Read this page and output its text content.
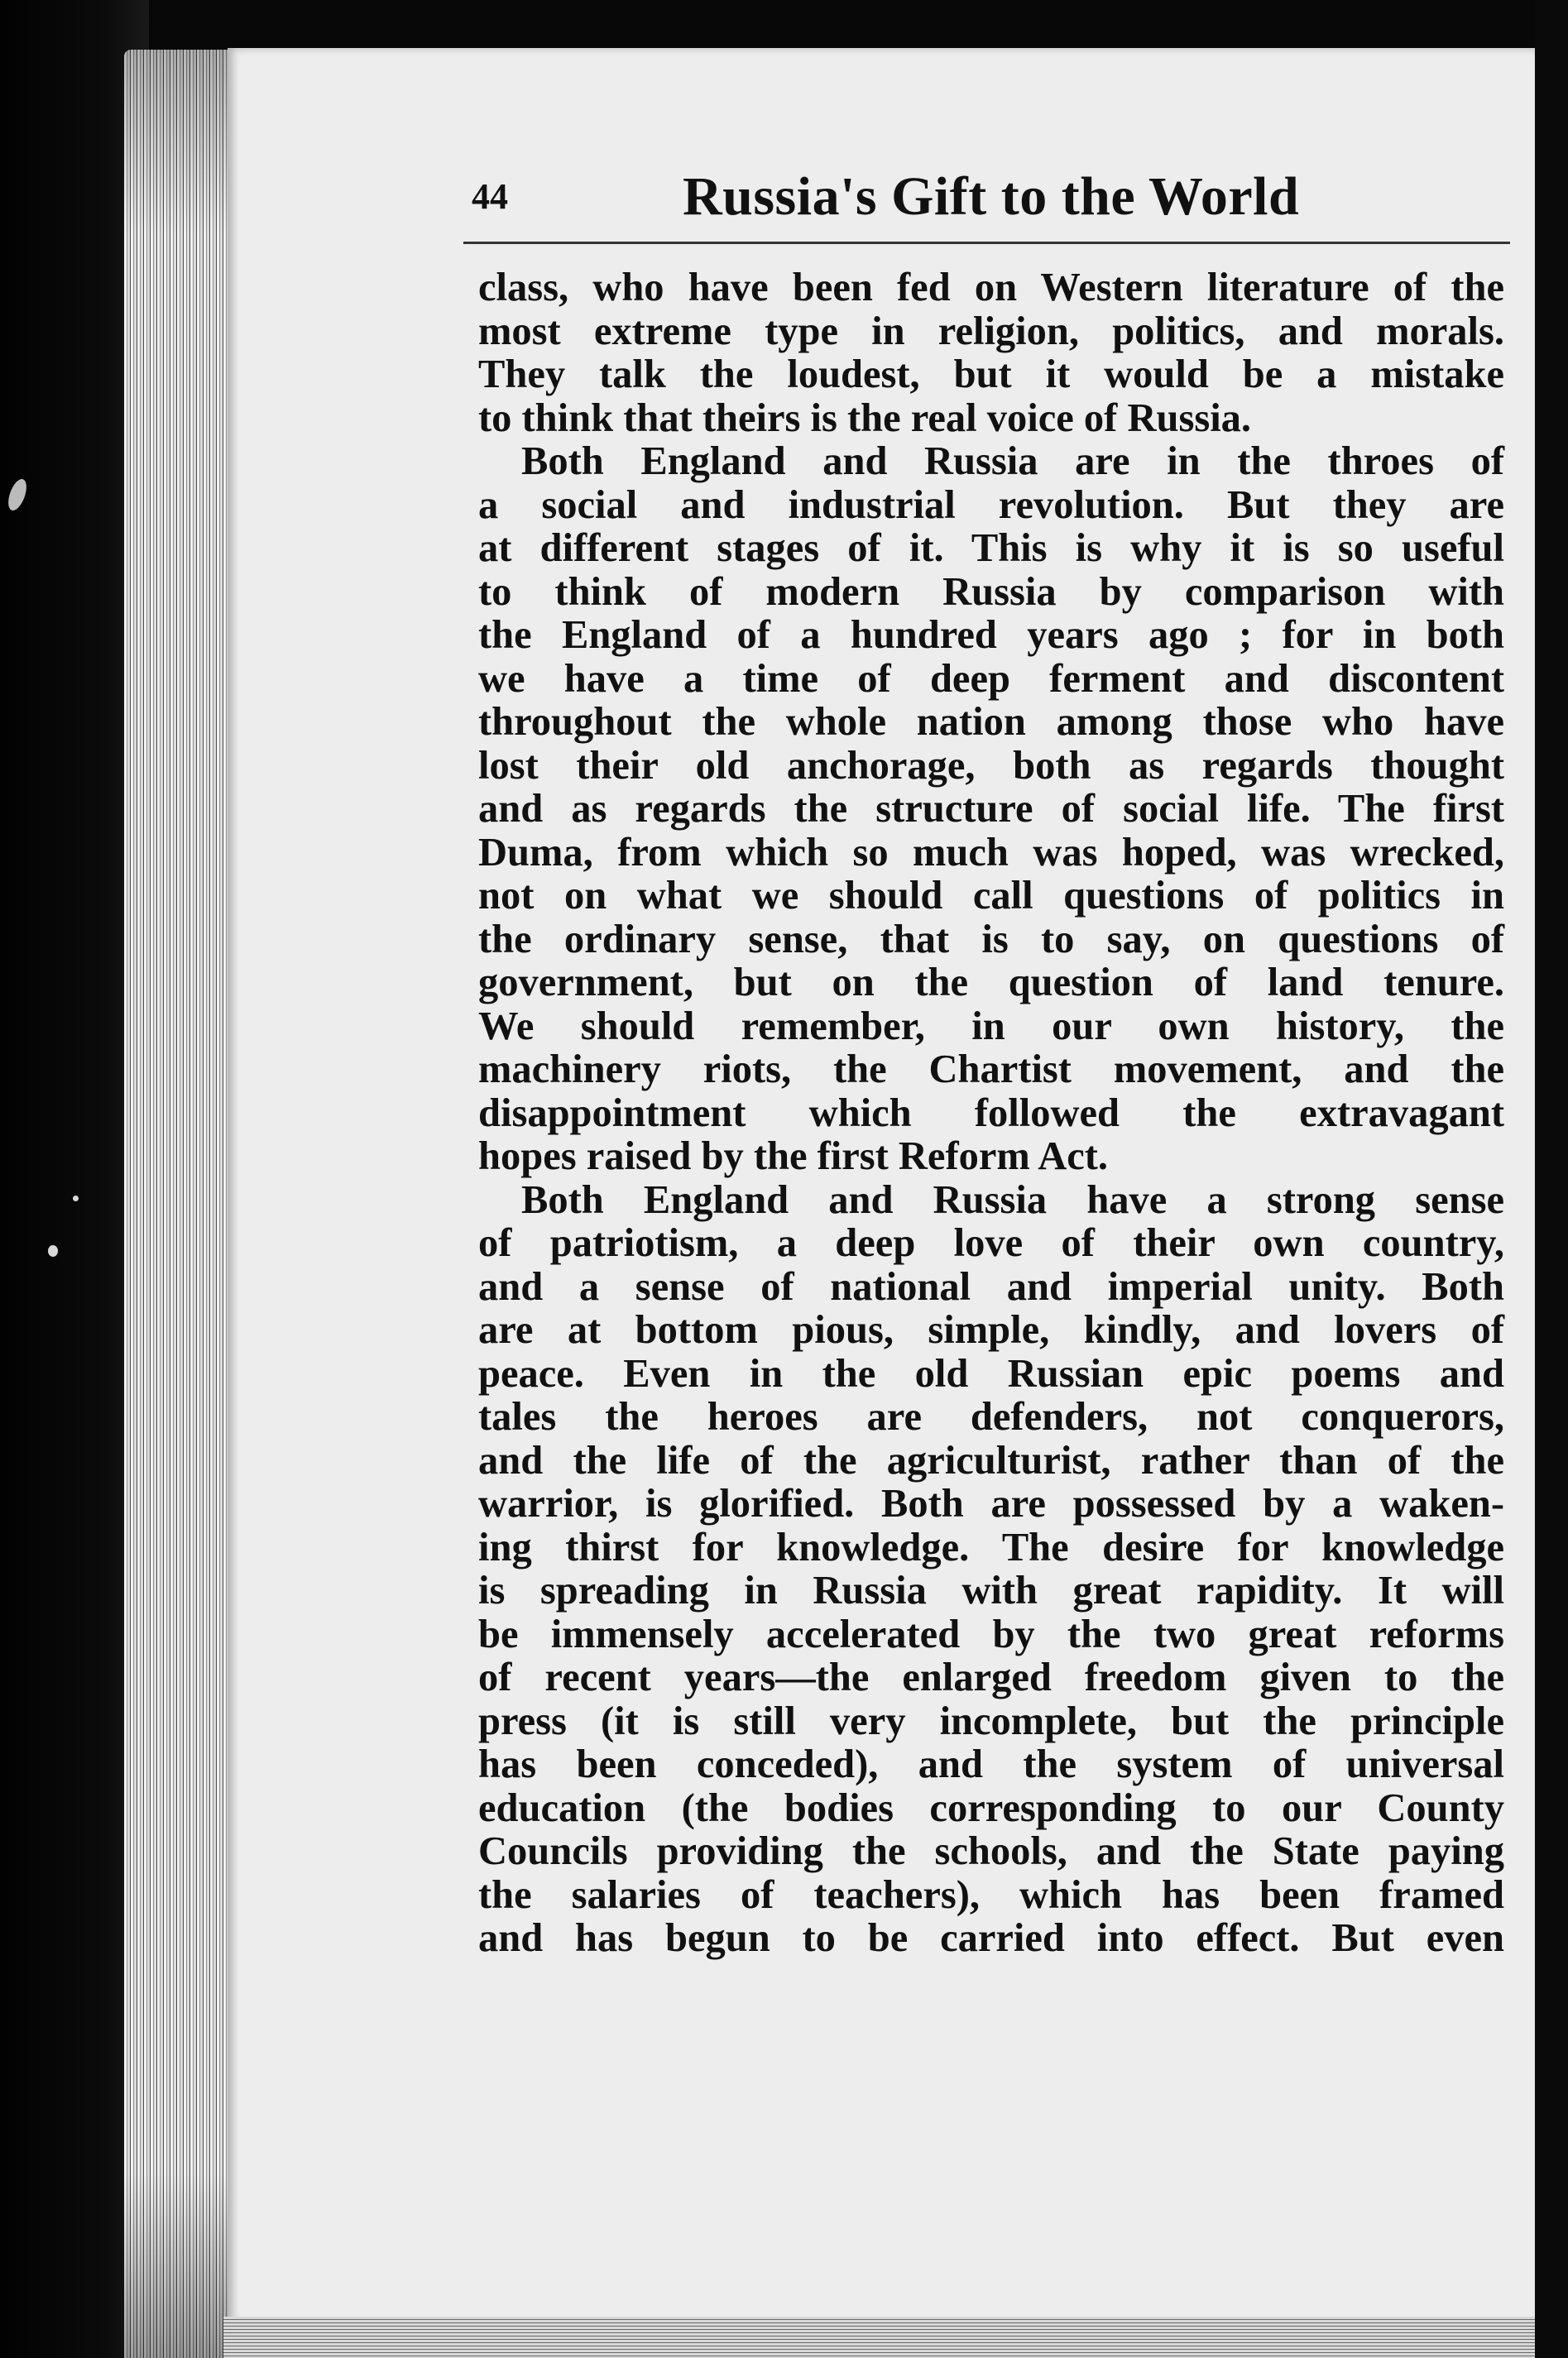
44	Russia's Gift to the World

class, who have been fed on Western literature of the
most extreme type in religion, politics, and morals.
They talk the loudest, but it would be a mistake
to think that theirs is the real voice of Russia.

Both England and Russia are in the throes of
a social and industrial revolution. But they are
at different stages of it. This is why it is so useful
to think of modern Russia by comparison with
the England of a hundred years ago ; for in both
we have a time of deep ferment and discontent
throughout the whole nation among those who have
lost their old anchorage, both as regards thought
and as regards the structure of social life. The first
Duma, from which so much was hoped, was wrecked,
not on what we should call questions of politics in
the ordinary sense, that is to say, on questions of
government, but on the question of land tenure.
We should remember, in our own history, the
machinery riots, the Chartist movement, and the
disappointment which followed the extravagant
hopes raised by the first Reform Act.

Both England and Russia have a strong sense
of patriotism, a deep love of their own country,
and a sense of national and imperial unity. Both
are at bottom pious, simple, kindly, and lovers of
peace. Even in the old Russian epic poems and
tales the heroes are defenders, not conquerors,
and the life of the agriculturist, rather than of the
warrior, is glorified. Both are possessed by a waken-
ing thirst for knowledge. The desire for knowledge
is spreading in Russia with great rapidity. It will
be immensely accelerated by the two great reforms
of recent years—the enlarged freedom given to the
press (it is still very incomplete, but the principle
has been conceded), and the system of universal
education (the bodies corresponding to our County
Councils providing the schools, and the State paying
the salaries of teachers), which has been framed
and has begun to be carried into effect. But even
